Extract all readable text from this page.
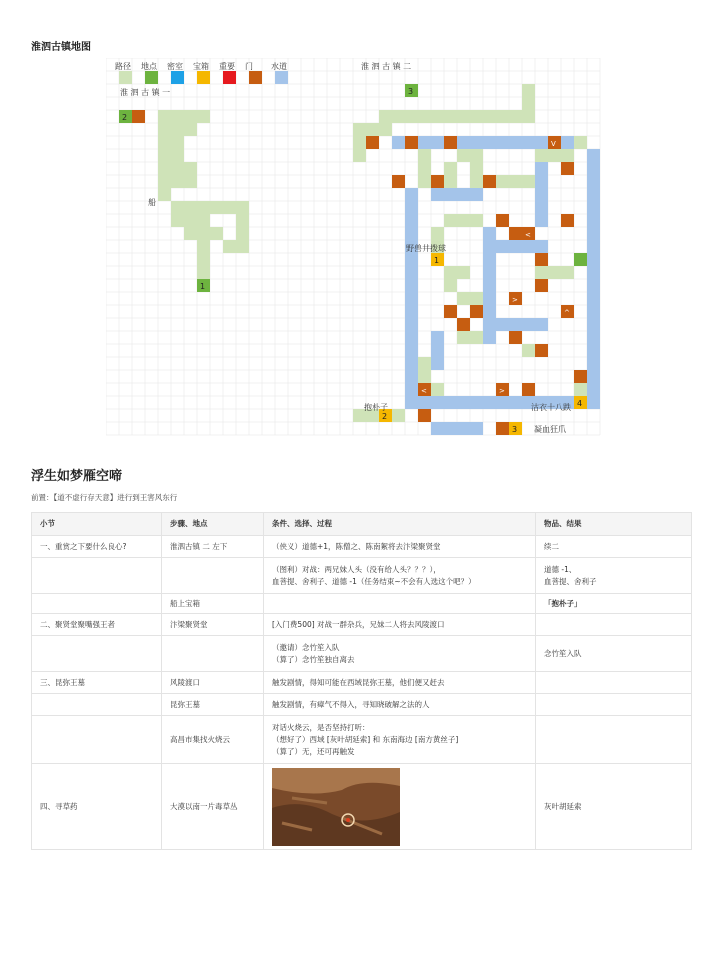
淮泗古镇地图
路径 地点 密室 宝箱 重要 门 水道
淮 泗 古 镇 一
淮 泗 古 镇 二
船
野兽井拨球
抱朴子	沽衣十八跌
凝血狂爪
1
2
3
4
1
2
3
V
<
>
^
<	>
浮生如梦雁空啼
前置：【道不虚行存天意】进行到王害风东行
小节	步骤、地点	条件、选择、过程	物品、结果
一、重赏之下要什么良心?	淮泗古镇 二 左下	（侠义）道德+1，陈僧之、陈南絮将去汴梁聚贤堂	续二

		（图利）对战：两兄妹人头（没有给人头？？？），
血菩提、舍利子、道德 -1（任务结束~不会有人选这个吧？）	道德 -1、
血菩提、舍利子

	船上宝箱		「抱朴子」

二、聚贤堂聚嘴强王者	汴梁聚贤堂	[入门费500] 对战一群杂兵，兄妹二人将去风陵渡口	

		（邀请）念竹笙入队
（算了）念竹笙独自离去	念竹笙入队

三、昆弥王墓	风陵渡口	触发剧情，得知可能在西域昆弥王墓，他们便又赶去	

	昆弥王墓	触发剧情，有瘴气不得入，寻知晓破解之法的人	

	高昌市集找火烧云	对话火烧云，是否坚持打听：
（想好了）西域 [灰叶胡延索] 和 东南海边 [南方黄丝子]
（算了）无，还可再触发	

四、寻草药	大漠以南一片毒草丛		灰叶胡延索
